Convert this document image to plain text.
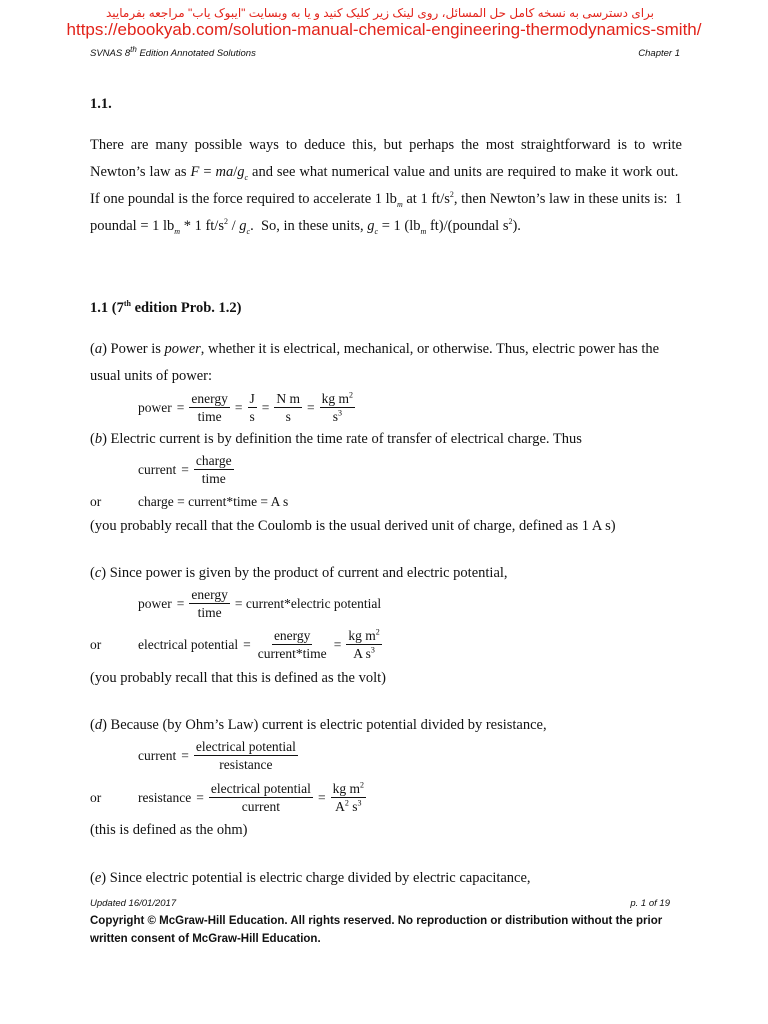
برای دسترسی به نسخه کامل حل المسائل، روی لینک زیر کلیک کنید و یا به وبسایت "ایبوک یاب" مراجعه بفرمایید
https://ebookyab.com/solution-manual-chemical-engineering-thermodynamics-smith/
SVNAS 8th Edition Annotated Solutions	Chapter 1
1.1.
There are many possible ways to deduce this, but perhaps the most straightforward is to write Newton’s law as $F = ma/g_c$ and see what numerical value and units are required to make it work out.  If one poundal is the force required to accelerate 1 $lb_m$ at 1 $ft/s^2$, then Newton’s law in these units is:  1 poundal = 1 $lb_m * 1$ $ft/s^2 / g_c$.  So, in these units, $g_c = 1$ ($lb_m$ ft)/(poundal $s^2$).
1.1 (7th edition Prob. 1.2)
(a) Power is power, whether it is electrical, mechanical, or otherwise. Thus, electric power has the usual units of power:
power = $\frac{\text{energy}}{\text{time}} = \frac{J}{s} = \frac{\text{N m}}{s} = \frac{kg m^2}{s^3}$
(b) Electric current is by definition the time rate of transfer of electrical charge. Thus
current = $\frac{\text{charge}}{\text{time}}$
or	charge = current*time = A s
(you probably recall that the Coulomb is the usual derived unit of charge, defined as 1 A s)
(c) Since power is given by the product of current and electric potential,
power = $\frac{\text{energy}}{\text{time}}$ = current*electric potential
or	electrical potential = $\frac{\text{energy}}{\text{current*time}} = \frac{kg m^2}{A s^3}$
(you probably recall that this is defined as the volt)
(d) Because (by Ohm’s Law) current is electric potential divided by resistance,
current = $\frac{\text{electrical potential}}{\text{resistance}}$
or	resistance = $\frac{\text{electrical potential}}{\text{current}} = \frac{kg m^2}{A^2 s^3}$
(this is defined as the ohm)
(e) Since electric potential is electric charge divided by electric capacitance,
Updated 16/01/2017	p. 1 of 19
Copyright © McGraw-Hill Education. All rights reserved. No reproduction or distribution without the prior written consent of McGraw-Hill Education.
